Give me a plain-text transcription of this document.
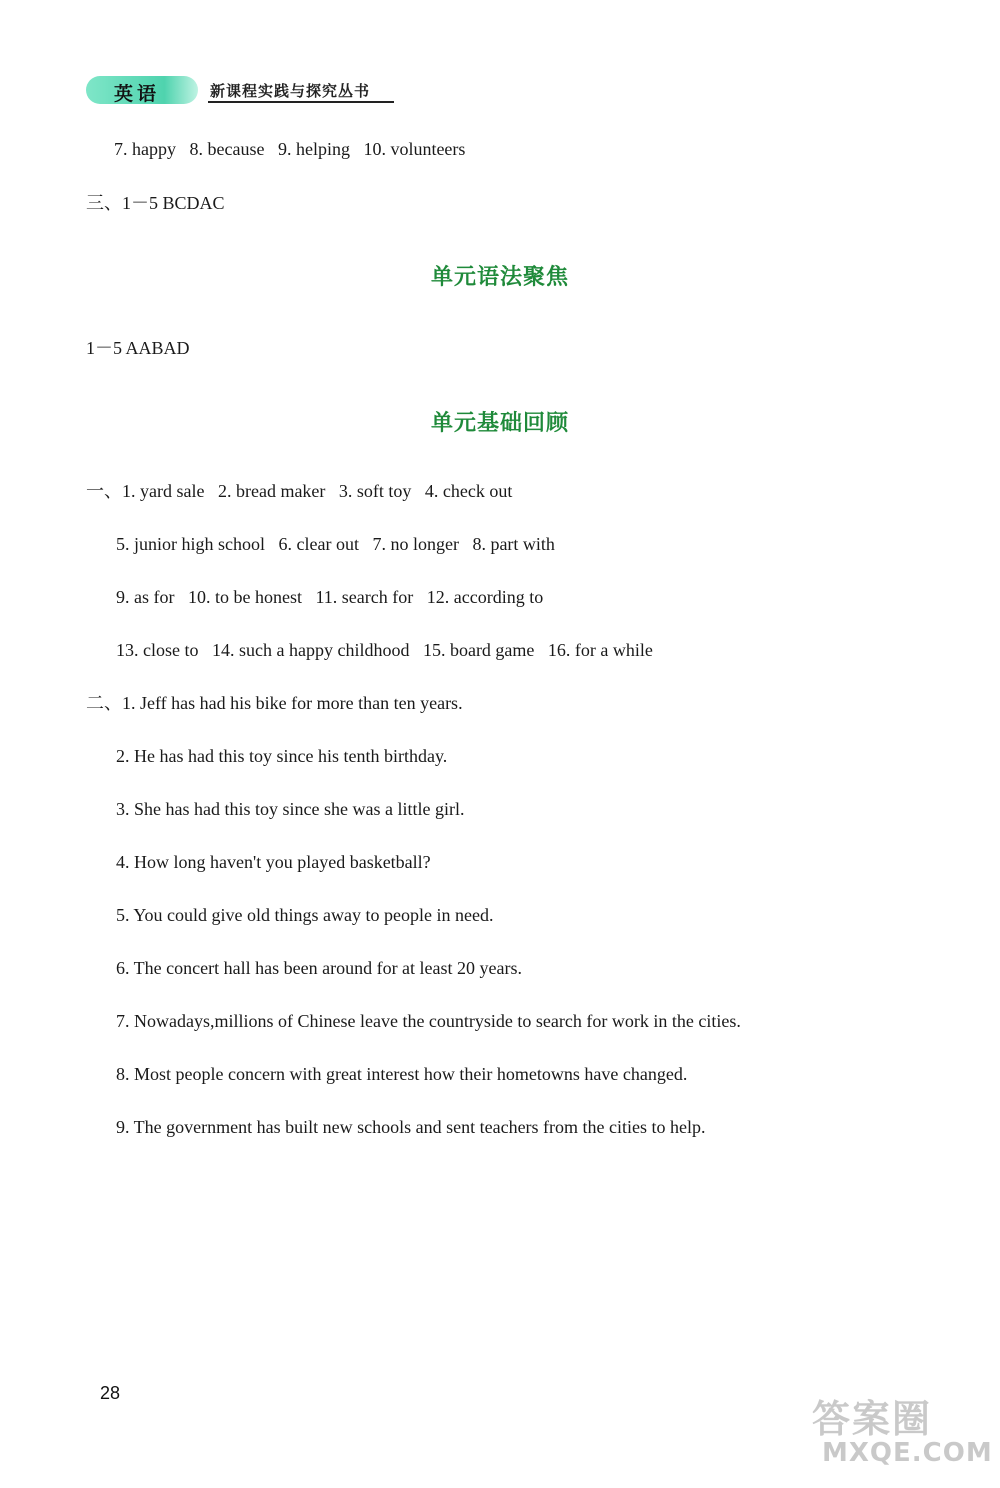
英语	新课程实践与探究丛书
7. happy   8. because   9. helping   10. volunteers
三、1－5 BCDAC
单元语法聚焦
1－5 AABAD
单元基础回顾
一、1. yard sale   2. bread maker   3. soft toy   4. check out
5. junior high school   6. clear out   7. no longer   8. part with
9. as for   10. to be honest   11. search for   12. according to
13. close to   14. such a happy childhood   15. board game   16. for a while
二、1. Jeff has had his bike for more than ten years.
2. He has had this toy since his tenth birthday.
3. She has had this toy since she was a little girl.
4. How long haven't you played basketball?
5. You could give old things away to people in need.
6. The concert hall has been around for at least 20 years.
7. Nowadays,millions of Chinese leave the countryside to search for work in the cities.
8. Most people concern with great interest how their hometowns have changed.
9. The government has built new schools and sent teachers from the cities to help.
28
答案圈
MXQE.COM
